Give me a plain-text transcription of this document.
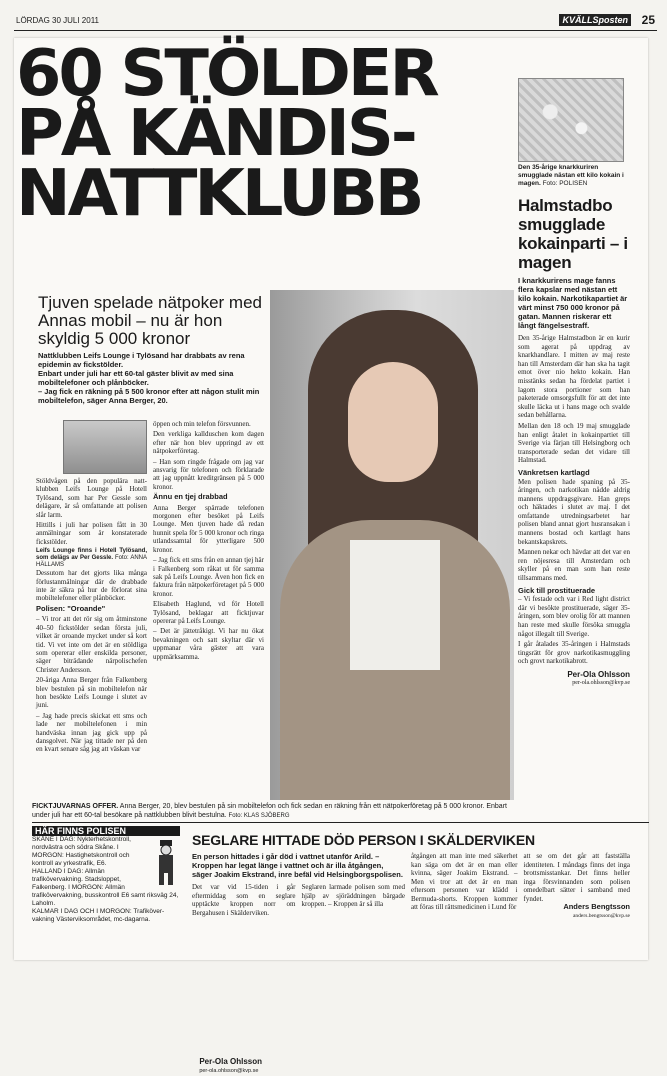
LÖRDAG 30 JULI 2011	KVÄLLSposten 25
60 STÖLDER
PÅ KÄNDIS-
NATTKLUBB	Den 35-årige knarkkuriren smugglade nästan ett kilo kokain i magen. Foto: POLISEN
Halmstadbo smugglade kokainparti – i magen
I knarkkurirens mage fanns flera kapslar med nästan ett kilo kokain. Narkotikapartiet är värt minst 750 000 kronor på gatan. Mannen riskerar ett långt fängelsestraff.

Den 35-årige Halmstadbon är en kurir som agerat på uppdrag av knarkhandlare. I mitten av maj reste han till Amsterdam där han ska ha tagit emot över nio hekto kokain. Han misstänks sedan ha fördelat partiet i lagom stora portioner som han paketerade omsorgsfullt för att det inte skulle läcka ut i hans mage och svalde sedan behållarna.

Mellan den 18 och 19 maj smugglade han enligt åtalet in kokainpartiet till Sverige via färjan till Helsingborg och transporterade sedan det vidare till Halmstad.

Vänkretsen kartlagd

Men polisen hade spaning på 35-åringen, och narkotikan nådde aldrig mannens uppdragsgivare. Han greps och häktades i slutet av maj. I det omfattande utredningsarbetet har polisen bland annat gjort husransakan i mannens bostad och kartlagt hans bekantskapskrets.

Mannen nekar och hävdar att det var en ren nöjesresa till Amsterdam och skyller på en man som han reste tillsammans med.

Gick till prostituerade

– Vi festade och var i Red light district där vi besökte prostituerade, säger 35-åringen, som blev orolig för att mannen han reste med skulle försöka smuggla något illegalt till Sverige.

I går åtalades 35-åringen i Halmstads tingsrätt för grov narkotikasmuggling och grovt narkotikabrott.

Per-Ola Ohlsson
per-ola.ohlsson@kvp.se
Tjuven spelade nätpoker med Annas mobil – nu är hon skyldig 5 000 kronor
Nattklubben Leifs Lounge i Tylösand har drabbats av rena epidemin av fickstölder.
Enbart under juli har ett 60-tal gäster blivit av med sina mobiltelefoner och plånböcker.
– Jag fick en räkning på 5 500 kronor efter att någon stulit min mobiltelefon, säger Anna Berger, 20.

Stöldvågen på den populära natt-klubben Leifs Lounge på Hotell Tylösand, som har Per Gessle som delägare, är så omfattande att polisen slår larm.

Hittills i juli har polisen fått in 30 anmälningar som är konstaterade fickstölder.

Leifs Lounge finns i Hotell Tylösand, som delägs av Per Gessle. Foto: ANNA HÄLLAMS

Dessutom har det gjorts lika många förlustanmälningar där de drabbade inte är säkra på hur de förlorat sina mobiltelefoner eller plånböcker.

Polisen: "Oroande"

– Vi tror att det rör sig om åtminstone 40–50 fickstölder sedan första juli, vilket är oroande mycket under så kort tid. Vi vet inte om det är en stöldliga som opererar eller enskilda personer, säger biträdande närpolischefen Christer Andersson.

20-åriga Anna Berger från Falkenberg blev bestulen på sin mobiltelefon när hon besökte Leifs Lounge i slutet av juni.

– Jag hade precis skickat ett sms och lade ner mobiltelefonen i min handväska innan jag gick upp på dansgolvet. När jag tittade ner på den en kvart senare såg jag att väskan var

öppen och min telefon försvunnen.

Den verkliga kallduschen kom dagen efter när hon blev uppringd av ett nätpokerföretag.

– Han som ringde frågade om jag var ansvarig för telefonen och förklarade att jag uppnått kreditgränsen på 5 000 kronor.

Ännu en tjej drabbad

Anna Berger spärrade telefonen morgonen efter besöket på Leifs Lounge. Men tjuven hade då redan hunnit spela för 5 000 kronor och ringa utlandssamtal för ytterligare 500 kronor.

– Jag fick ett sms från en annan tjej här i Falkenberg som råkat ut för samma sak på Leifs Lounge. Även hon fick en faktura från nätpokerföretaget på 5 000 kronor.

Elisabeth Haglund, vd för Hotell Tylösand, beklagar att ficktjuvar opererar på Leifs Lounge.

– Det är jättetråkigt. Vi har nu ökat bevakningen och satt skyltar där vi uppmanar våra gäster att vara uppmärksamma.

Per-Ola Ohlsson
per-ola.ohlsson@kvp.se
FICKTJUVARNAS OFFER. Anna Berger, 20, blev bestulen på sin mobiltelefon och fick sedan en räkning från ett nätpokerföretag på 5 000 kronor. Enbart under juli har ett 60-tal besökare på nattklubben blivit bestulna. Foto: KLAS SJÖBERG
HÄR FINNS POLISEN
SKÅNE I DAG: Nykterhetskontroll, nordvästra och södra Skåne. I MORGON: Hastighetskontroll och kontroll av yrkestrafik, E6.
HALLAND I DAG: Allmän trafikövervakning. Stadsloppet, Falkenberg. I MORGON: Allmän trafikövervakning, busskontroll E6 samt riksväg 24, Laholm.
KALMAR I DAG OCH I MORGON: Trafiköver-vakning Västerviksområdet, mc-dagarna.
SEGLARE HITTADE DÖD PERSON I SKÄLDERVIKEN
En person hittades i går död i vattnet utanför Arild. – Kroppen har legat länge i vattnet och är illa åtgången, säger Joakim Ekstrand, inre befäl vid Helsingborgspolisen.
Det var vid 15-tiden i går eftermiddag som en seglare upptäckte kroppen norr om Bergahusen i Skälderviken.
Seglaren larmade polisen som med hjälp av sjöräddningen bärgade kroppen. – Kroppen är så illa
åtgången att man inte med säkerhet kan säga om det är en man eller kvinna, säger Joakim Ekstrand. – Men vi tror att det är en man eftersom personen var klädd i Bermuda-shorts. Kroppen kommer att föras till rättsmedicinen i Lund för
att se om det går att fastställa identiteten. I måndags finns det inga brottsmisstankar. Det finns heller inga försvinnanden som polisen omedelbart sätter i samband med fyndet.
Anders Bengtsson
anders.bengtsson@kvp.se
